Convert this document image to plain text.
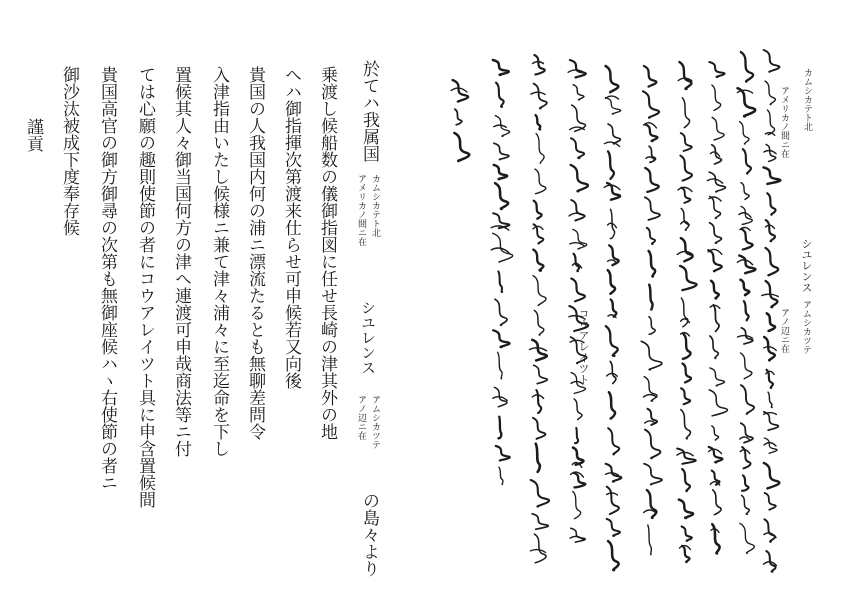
カムシカテト北
アメリカノ間ニ在
シユレンス
アムシカツテ
アノ辺ニ在
コウアレイツト
於てハ我属国
カムシカテト北
アメリカノ間ニ在
シユレンス
アムシカツテ
アノ辺ニ在
の島々より
乗渡し候船数の儀御指図に任せ長崎の津其外の地
へハ御指揮次第渡来仕らせ可申候若又向後
貴国の人我国内何の浦ニ漂流たるとも無聊差問令
入津指由いたし候様ニ兼て津々浦々に至迄命を下し
置候其人々御当国何方の津へ連渡可申哉商法等ニ付
ては心願の趣則使節の者にコウアレイツト具に申含置候間
貴国高官の御方御尋の次第も無御座候ハヽ右使節の者ニ
御沙汰被成下度奉存候
謹貢
